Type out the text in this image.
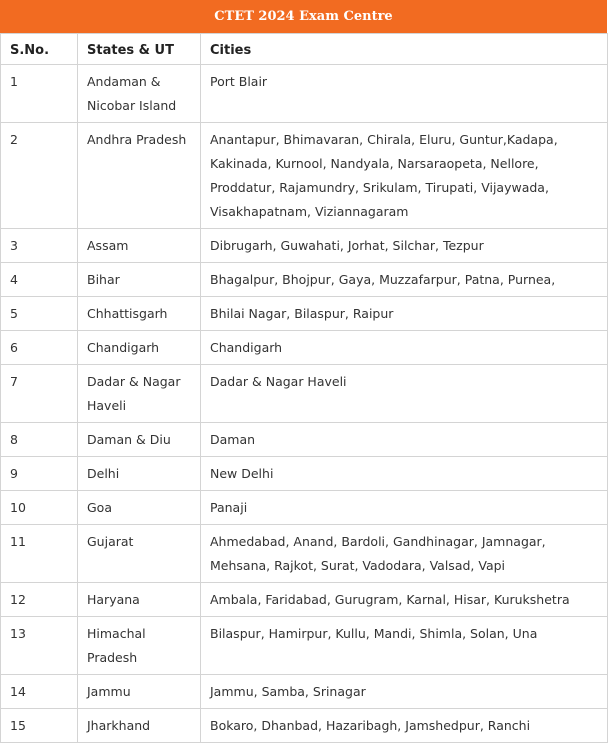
CTET 2024 Exam Centre
S.No.	States & UT	Cities
1	Andaman & Nicobar Island	Port Blair
2	Andhra Pradesh	Anantapur, Bhimavaran, Chirala, Eluru, Guntur,Kadapa, Kakinada, Kurnool, Nandyala, Narsaraopeta, Nellore, Proddatur, Rajamundry, Srikulam, Tirupati, Vijaywada, Visakhapatnam, Viziannagaram
3	Assam	Dibrugarh, Guwahati, Jorhat, Silchar, Tezpur
4	Bihar	Bhagalpur, Bhojpur, Gaya, Muzzafarpur, Patna, Purnea,
5	Chhattisgarh	Bhilai Nagar, Bilaspur, Raipur
6	Chandigarh	Chandigarh
7	Dadar & Nagar Haveli	Dadar & Nagar Haveli
8	Daman & Diu	Daman
9	Delhi	New Delhi
10	Goa	Panaji
11	Gujarat	Ahmedabad, Anand, Bardoli, Gandhinagar, Jamnagar, Mehsana, Rajkot, Surat, Vadodara, Valsad, Vapi
12	Haryana	Ambala, Faridabad, Gurugram, Karnal, Hisar, Kurukshetra
13	Himachal Pradesh	Bilaspur, Hamirpur, Kullu, Mandi, Shimla, Solan, Una
14	Jammu	Jammu, Samba, Srinagar
15	Jharkhand	Bokaro, Dhanbad, Hazaribagh, Jamshedpur, Ranchi
